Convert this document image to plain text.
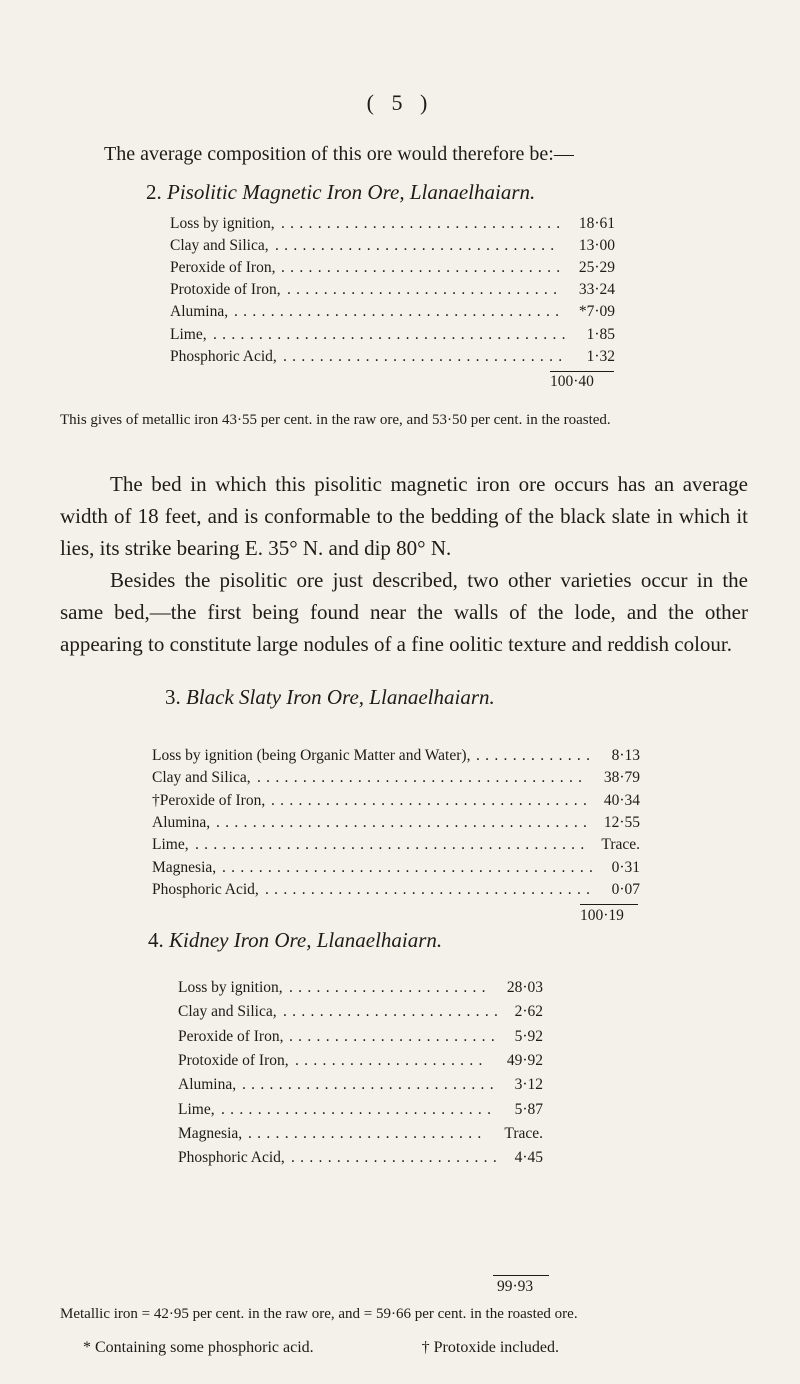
( 5 )
The average composition of this ore would therefore be:—
2. Pisolitic Magnetic Iron Ore, Llanaelhaiarn.
Loss by ignition, ............................... 18·61
Clay and Silica, ...............................	13·00
Peroxide of Iron, ............................... 25·29
Protoxide of Iron, ..............................	33·24
Alumina, .................................... *7·09
Lime, .......................................	1·85
Phosphoric Acid, ...............................	1·32
100·40
This gives of metallic iron 43·55 per cent. in the raw ore, and 53·50 per cent. in the roasted.

The bed in which this pisolitic magnetic iron ore occurs has an average width of 18 feet, and is conformable to the bedding of the black slate in which it lies, its strike bearing E. 35° N. and dip 80° N.

Besides the pisolitic ore just described, two other varieties occur in the same bed,—the first being found near the walls of the lode, and the other appearing to constitute large nodules of a fine oolitic texture and reddish colour.

3. Black Slaty Iron Ore, Llanaelhaiarn.
Loss by ignition (being Organic Matter and Water), .............	8·13
Clay and Silica, ....................................	38·79
†Peroxide of Iron, ................................... 40·34
Alumina, ......................................... 12·55
Lime, ........................................... Trace.
Magnesia, ......................................... 0·31
Phosphoric Acid, ....................................	0·07
100·19
4. Kidney Iron Ore, Llanaelhaiarn.
Loss by ignition, ......................	28·03
Clay and Silica, ........................ 2·62
Peroxide of Iron, ....................... 5·92
Protoxide of Iron, .....................	49·92
Alumina, ............................	3·12
Lime, ..............................	5·87
Magnesia, ..........................	Trace.
Phosphoric Acid, ....................... 4·45
99·93
Metallic iron = 42·95 per cent. in the raw ore, and = 59·66 per cent. in the roasted ore.
* Containing some phosphoric acid.	† Protoxide included.
